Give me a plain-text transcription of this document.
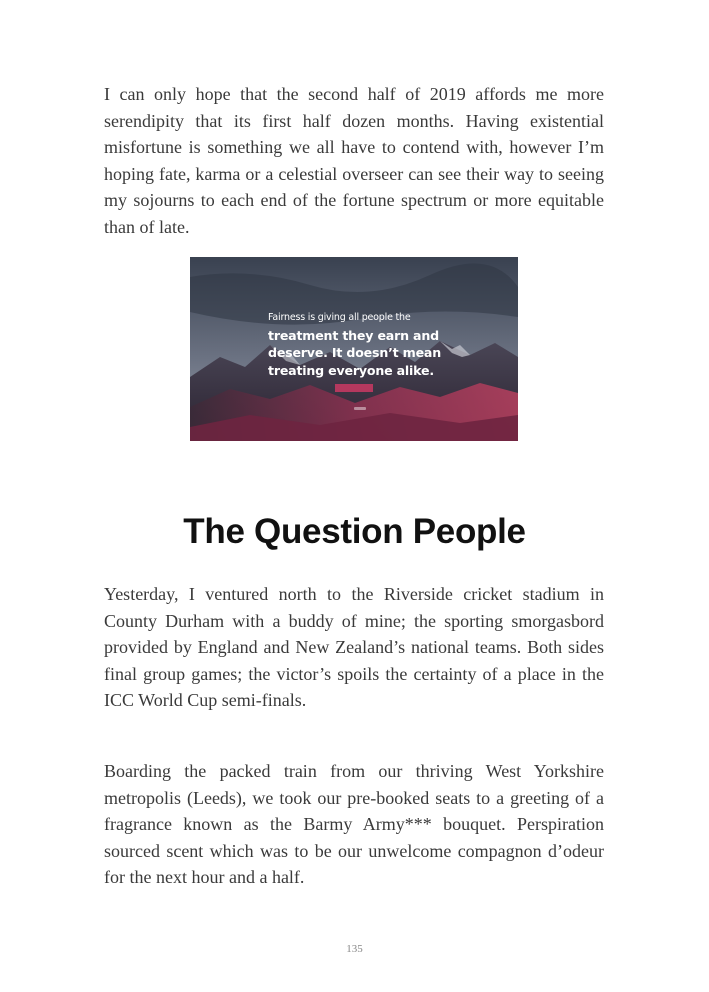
I can only hope that the second half of 2019 affords me more serendipity that its first half dozen months. Having existential misfortune is something we all have to contend with, however I’m hoping fate, karma or a celestial overseer can see their way to seeing my sojourns to each end of the fortune spectrum or more equitable than of late.

Fairness is giving all people the
treatment they earn and
deserve. It doesn’t mean
treating everyone alike.
The Question People

Yesterday, I ventured north to the Riverside cricket stadium in County Durham with a buddy of mine; the sporting smorgasbord provided by England and New Zealand’s national teams. Both sides final group games; the victor’s spoils the certainty of a place in the ICC World Cup semi-finals.

Boarding the packed train from our thriving West Yorkshire metropolis (Leeds), we took our pre-booked seats to a greeting of a fragrance known as the Barmy Army*** bouquet. Perspiration sourced scent which was to be our unwelcome compagnon d’odeur for the next hour and a half.

135
